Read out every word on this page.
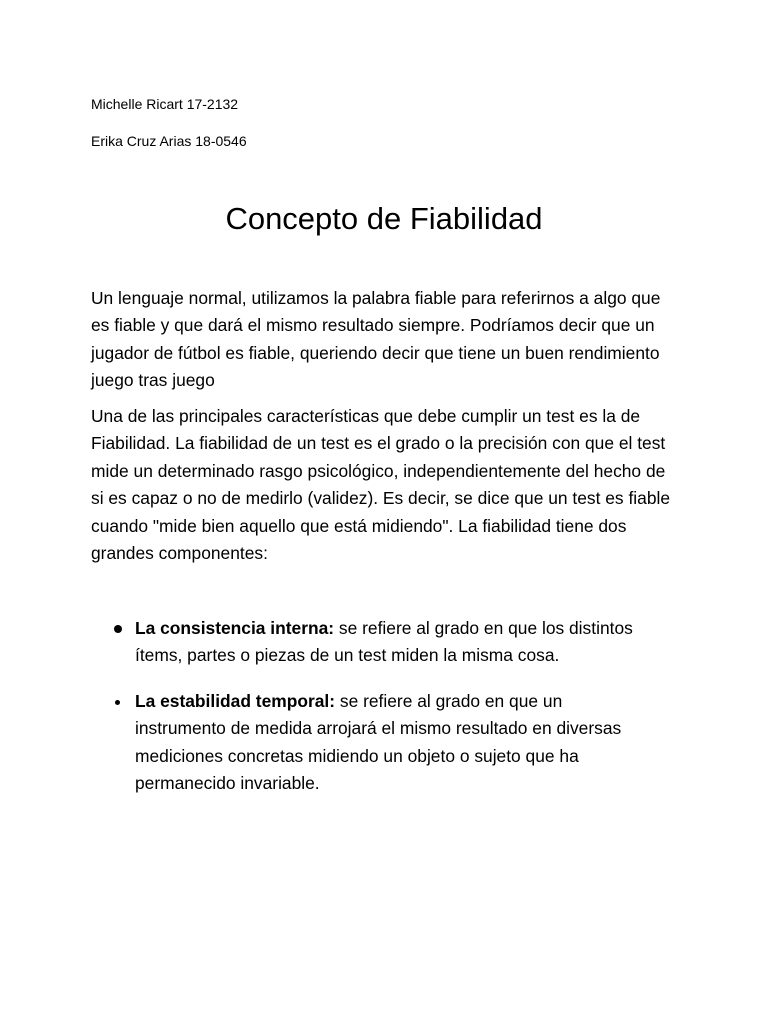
Michelle Ricart 17-2132
Erika Cruz Arias 18-0546
Concepto de Fiabilidad

Un lenguaje normal, utilizamos la palabra fiable para referirnos a algo que es fiable y que dará el mismo resultado siempre. Podríamos decir que un jugador de fútbol es fiable, queriendo decir que tiene un buen rendimiento juego tras juego

Una de las principales características que debe cumplir un test es la de Fiabilidad. La fiabilidad de un test es el grado o la precisión con que el test mide un determinado rasgo psicológico, independientemente del hecho de si es capaz o no de medirlo (validez). Es decir, se dice que un test es fiable cuando "mide bien aquello que está midiendo". La fiabilidad tiene dos grandes componentes:

La consistencia interna: se refiere al grado en que los distintos ítems, partes o piezas de un test miden la misma cosa.
La estabilidad temporal: se refiere al grado en que un instrumento de medida arrojará el mismo resultado en diversas mediciones concretas midiendo un objeto o sujeto que ha permanecido invariable.
